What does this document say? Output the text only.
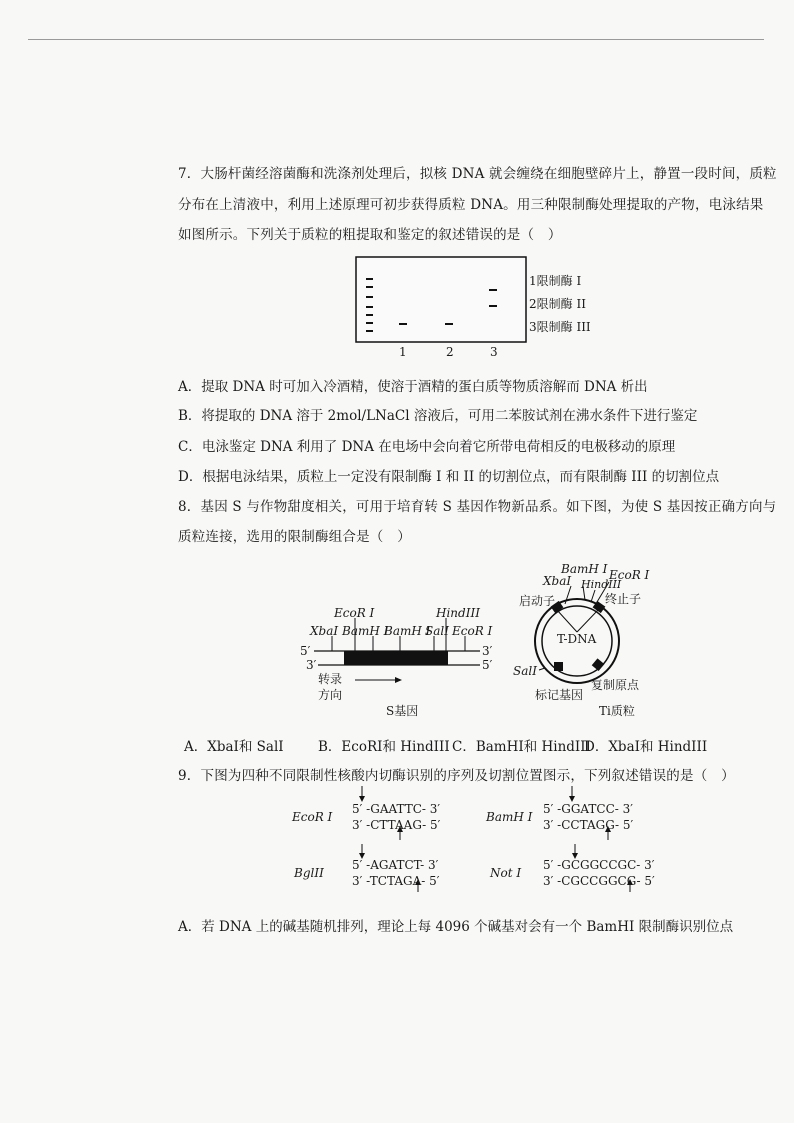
7．大肠杆菌经溶菌酶和洗涤剂处理后，拟核 DNA 就会缠绕在细胞壁碎片上，静置一段时间，质粒
分布在上清液中，利用上述原理可初步获得质粒 DNA。用三种限制酶处理提取的产物，电泳结果
如图所示。下列关于质粒的粗提取和鉴定的叙述错误的是（　）
1限制酶 I
2限制酶 II
3限制酶 III
1	2	3
A．提取 DNA 时可加入冷酒精，使溶于酒精的蛋白质等物质溶解而 DNA 析出
B．将提取的 DNA 溶于 2mol/LNaCl 溶液后，可用二苯胺试剂在沸水条件下进行鉴定
C．电泳鉴定 DNA 利用了 DNA 在电场中会向着它所带电荷相反的电极移动的原理
D．根据电泳结果，质粒上一定没有限制酶 I 和 II 的切割位点，而有限制酶 III 的切割位点
8．基因 S 与作物甜度相关，可用于培育转 S 基因作物新品系。如下图，为使 S 基因按正确方向与
质粒连接，选用的限制酶组合是（　）
XbaI
EcoR I
BamH I
BamH I
SalI
HindIII
EcoR I
5′	3′
3′	5′
转录
方向
S基因
BamH I
XbaI HindIII
EcoR I
启动子	终止子
T-DNA
SalI
标记基因
复制原点
Ti质粒
A．XbaI和 SalI	B．EcoRI和 HindIII C．BamHI和 HindIII
D．XbaI和 HindIII
9．下图为四种不同限制性核酸内切酶识别的序列及切割位置图示，下列叙述错误的是（　）
EcoR I
5′ -GAATTC- 3′
3′ -CTTAAG- 5′
BamH I
5′ -GGATCC- 3′
3′ -CCTAGG- 5′
BglII
5′ -AGATCT- 3′
3′ -TCTAGA- 5′
Not I
5′ -GCGGCCGC- 3′
3′ -CGCCGGCG- 5′
A．若 DNA 上的碱基随机排列，理论上每 4096 个碱基对会有一个 BamHI 限制酶识别位点
